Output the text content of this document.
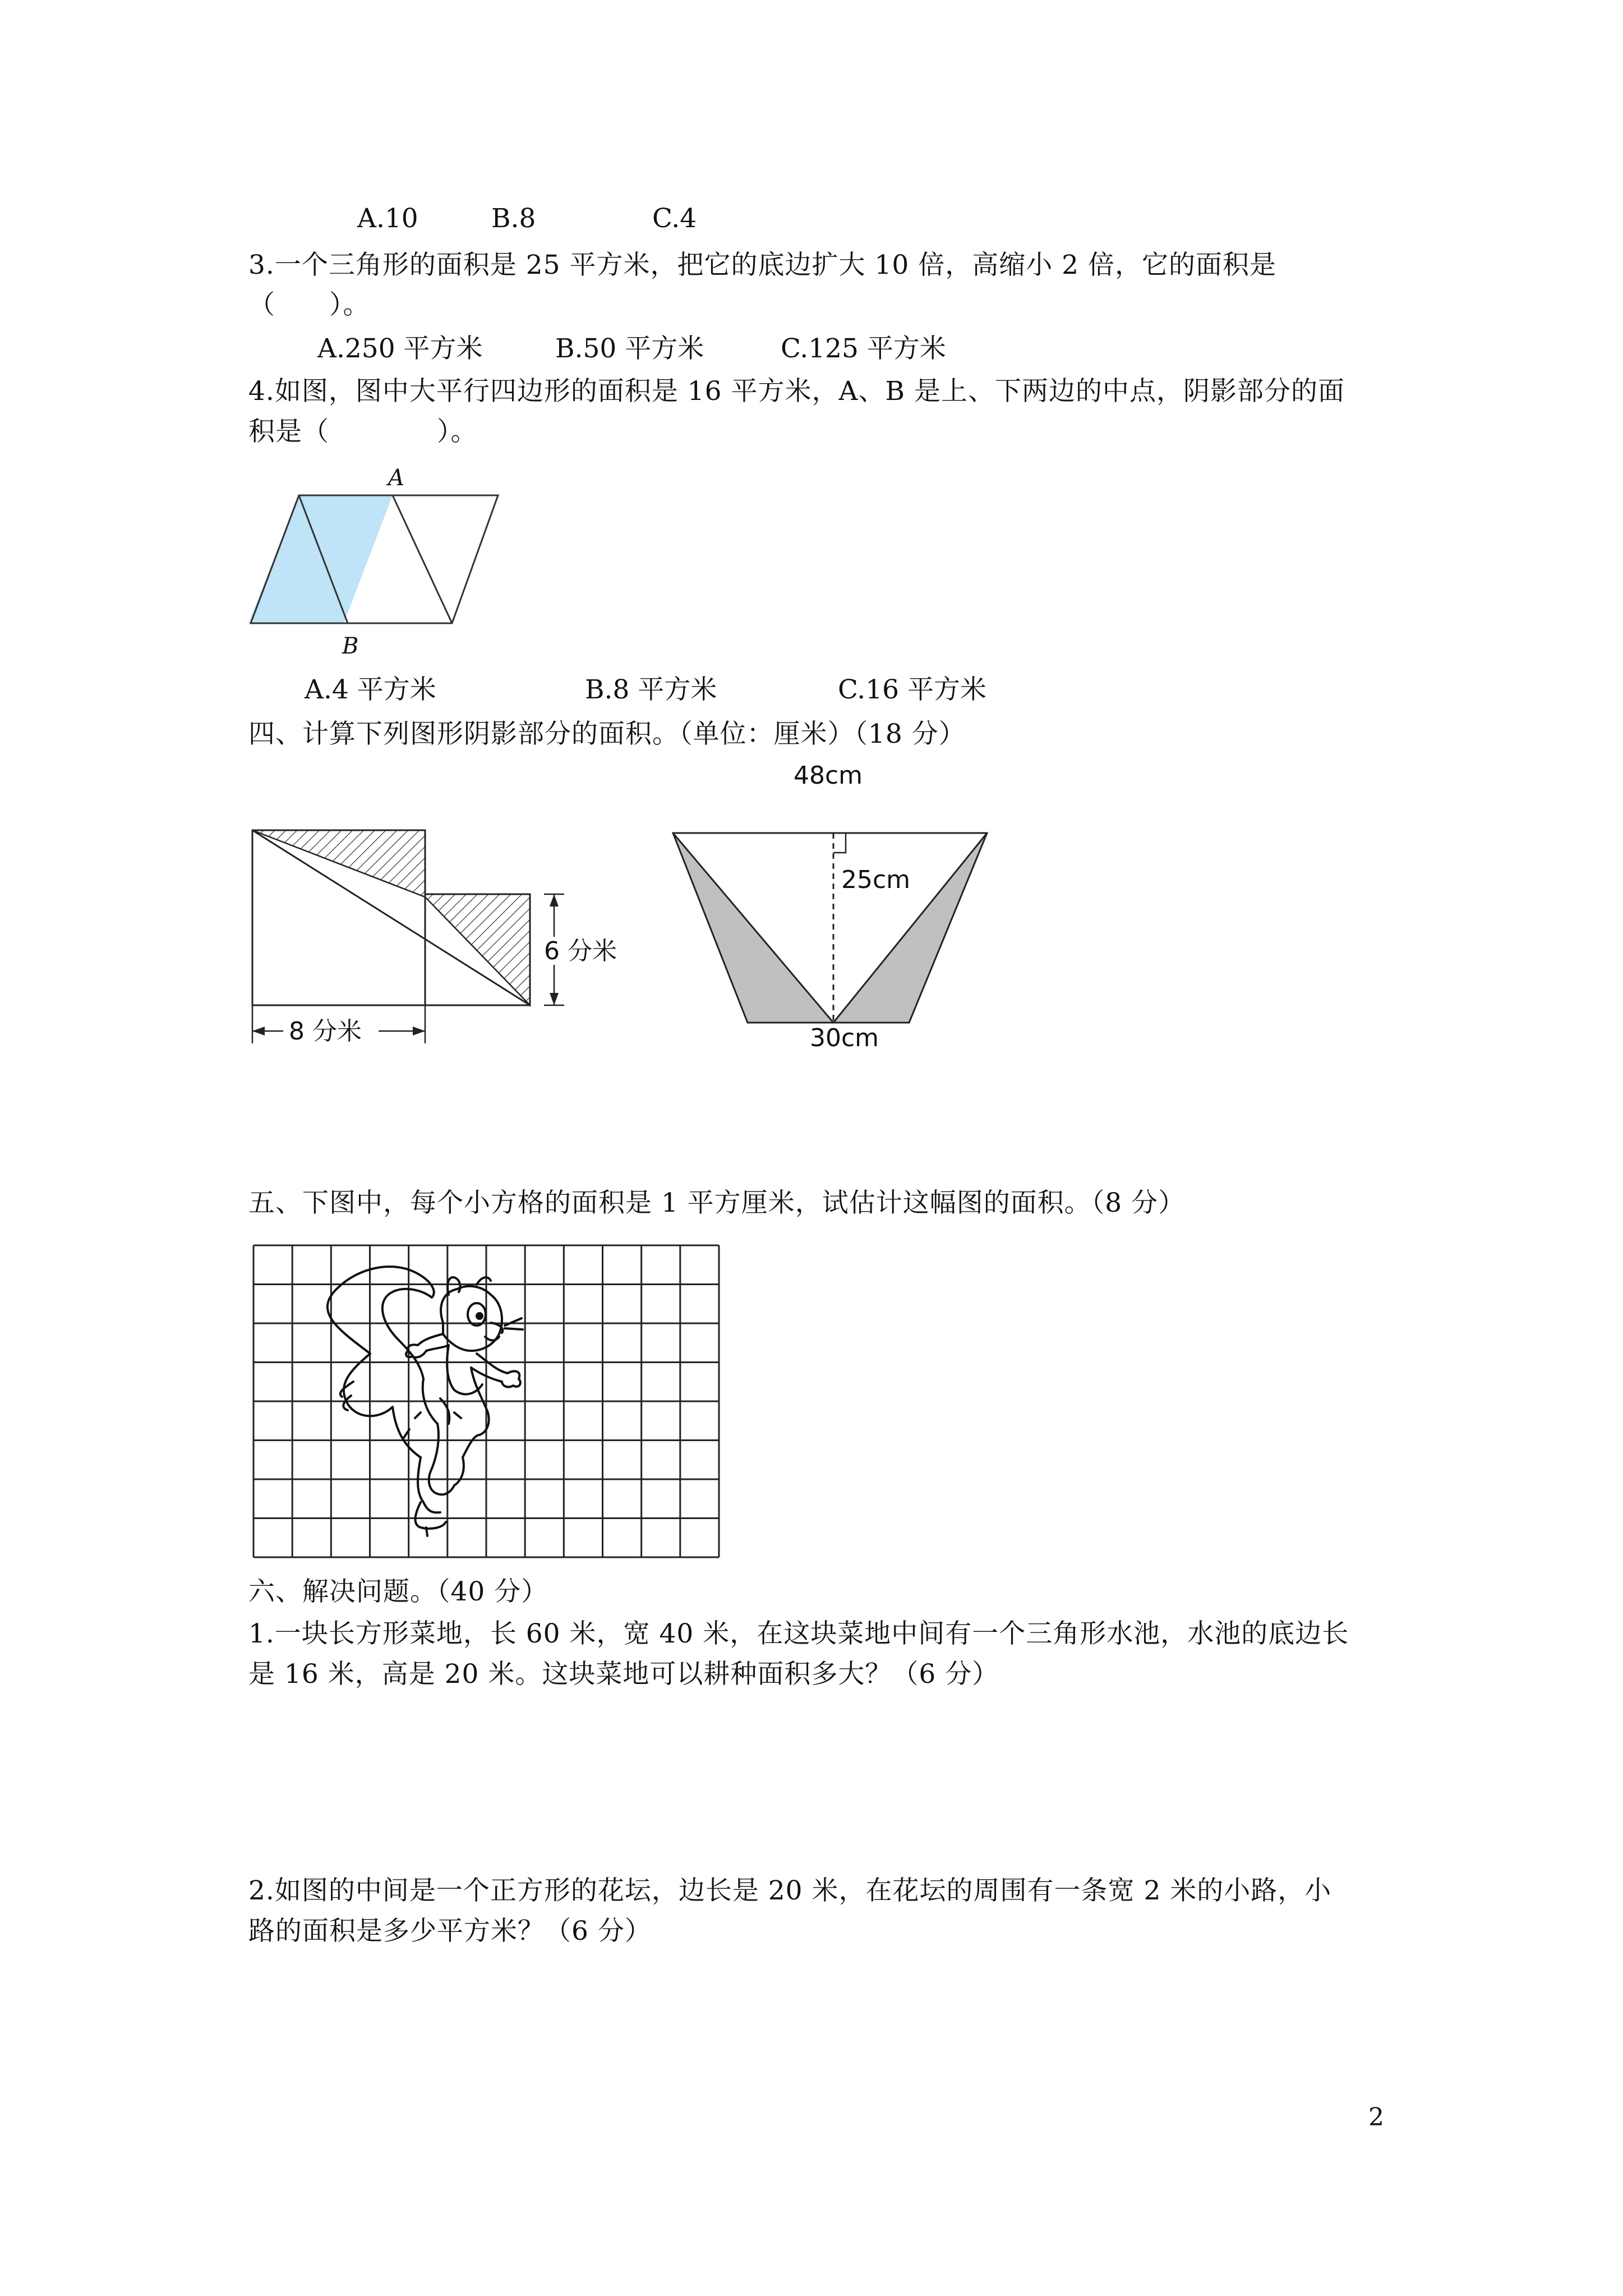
A.10	B.8	C.4
3.一个三角形的面积是 25 平方米，把它的底边扩大 10 倍，高缩小 2 倍，它的面积是
（　　）。
A.250 平方米	B.50 平方米	C.125 平方米
4.如图，图中大平行四边形的面积是 16 平方米，A、B 是上、下两边的中点，阴影部分的面
积是（　　　　）。
A
B
A.4 平方米	B.8 平方米	C.16 平方米
四、计算下列图形阴影部分的面积。（单位：厘米）（18 分）
6 分米
8 分米
48cm
25cm
30cm
五、下图中，每个小方格的面积是 1 平方厘米，试估计这幅图的面积。（8 分）
六、解决问题。（40 分）
1.一块长方形菜地，长 60 米，宽 40 米，在这块菜地中间有一个三角形水池，水池的底边长
是 16 米，高是 20 米。这块菜地可以耕种面积多大？（6 分）
2.如图的中间是一个正方形的花坛，边长是 20 米，在花坛的周围有一条宽 2 米的小路，小
路的面积是多少平方米？（6 分）
2
